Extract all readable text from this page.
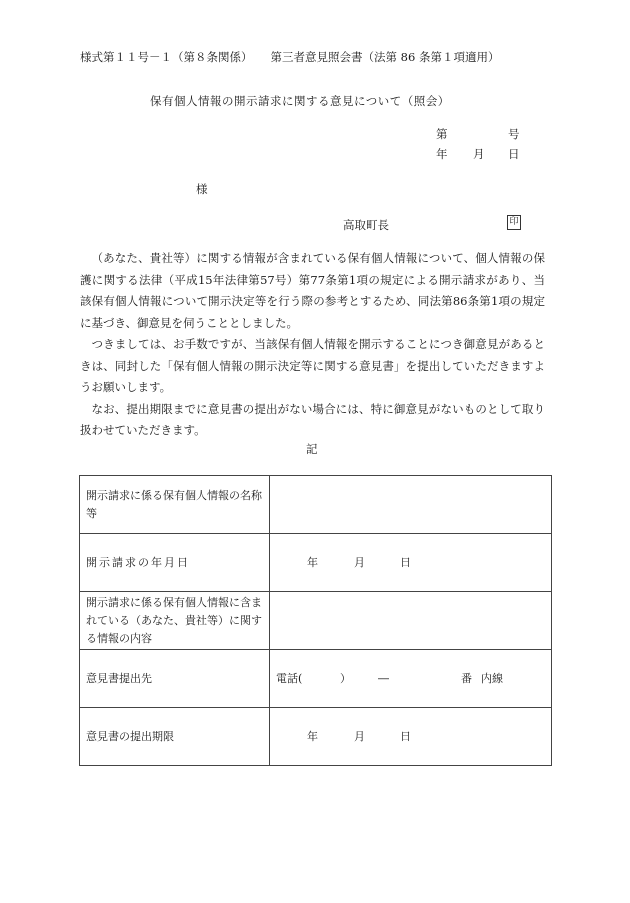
様式第１１号－１（第８条関係） 第三者意見照会書（法第 86 条第１項適用）
保有個人情報の開示請求に関する意見について（照会）
第	号
年	月	日
様
高取町長	印

（あなた、貴社等）に関する情報が含まれている保有個人情報について、個人情報の保護に関する法律（平成15年法律第57号）第77条第1項の規定による開示請求があり、当該保有個人情報について開示決定等を行う際の参考とするため、同法第86条第1項の規定に基づき、御意見を伺うこととしました。

つきましては、お手数ですが、当該保有個人情報を開示することにつき御意見があるときは、同封した「保有個人情報の開示決定等に関する意見書」を提出していただきますようお願いします。

なお、提出期限までに意見書の提出がない場合には、特に御意見がないものとして取り扱わせていただきます。

記
開示請求に係る保有個人情報の名称等	
開示請求の年月日	年 月 日
開示請求に係る保有個人情報に含まれている（あなた、貴社等）に関する情報の内容	
意見書提出先	電話( ） ― 番 内線
意見書の提出期限	年 月 日
